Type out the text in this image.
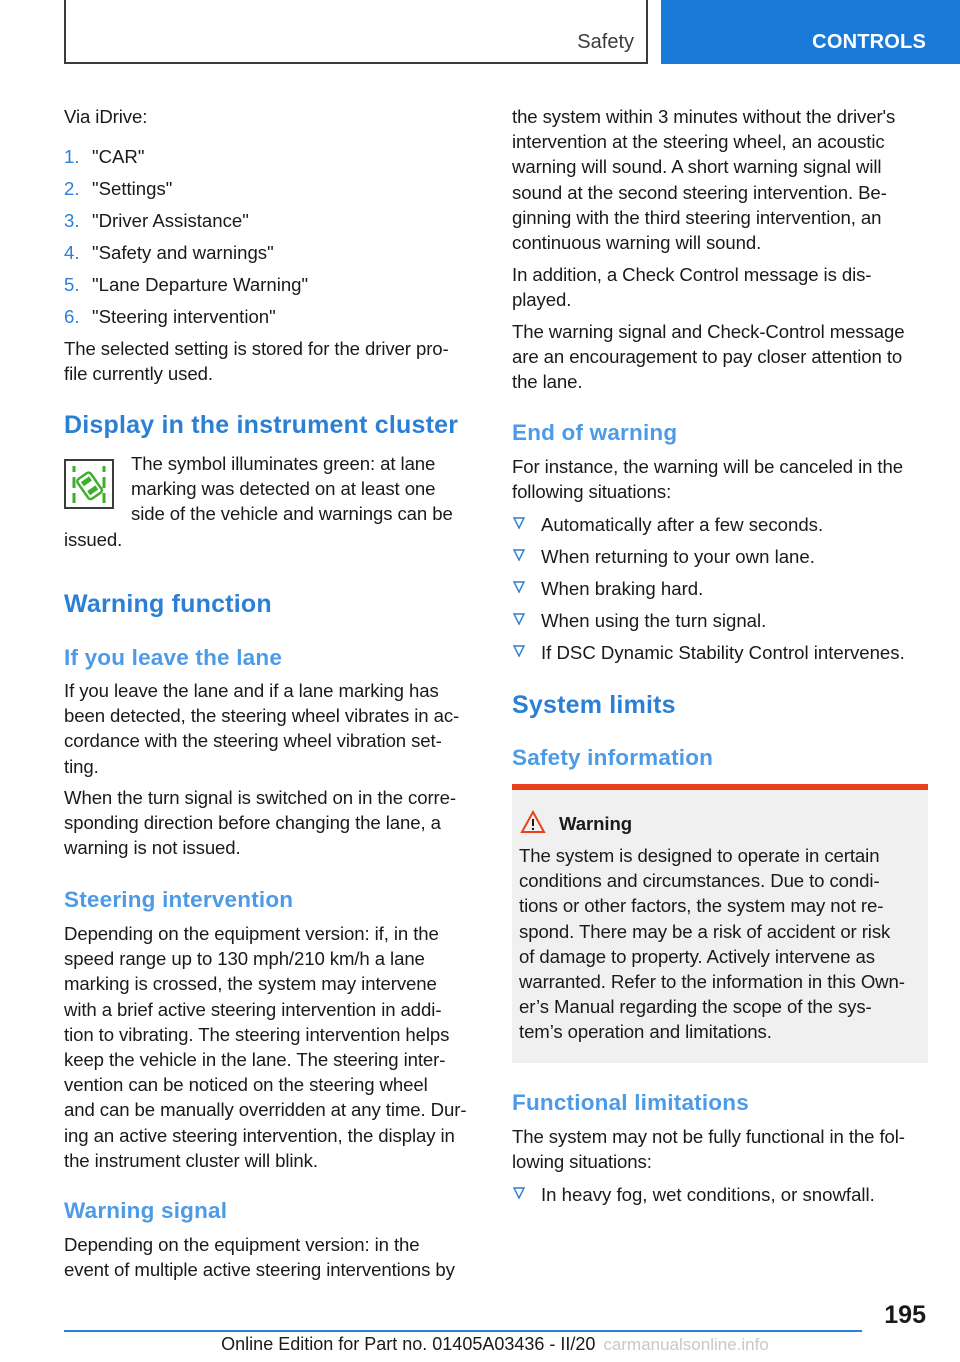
Safety	CONTROLS

Via iDrive:

1. "CAR"
2. "Settings"
3. "Driver Assistance"
4. "Safety and warnings"
5. "Lane Departure Warning"
6. "Steering intervention"

The selected setting is stored for the driver pro-
file currently used.

Display in the instrument cluster

The symbol illuminates green: at lane
marking was detected on at least one
side of the vehicle and warnings can be

issued.

Warning function
If you leave the lane

If you leave the lane and if a lane marking has
been detected, the steering wheel vibrates in ac-
cordance with the steering wheel vibration set-
ting.

When the turn signal is switched on in the corre-
sponding direction before changing the lane, a
warning is not issued.

Steering intervention

Depending on the equipment version: if, in the
speed range up to 130 mph/210 km/h a lane
marking is crossed, the system may intervene
with a brief active steering intervention in addi-
tion to vibrating. The steering intervention helps
keep the vehicle in the lane. The steering inter-
vention can be noticed on the steering wheel
and can be manually overridden at any time. Dur-
ing an active steering intervention, the display in
the instrument cluster will blink.

Warning signal

Depending on the equipment version: in the
event of multiple active steering interventions by

the system within 3 minutes without the driver's
intervention at the steering wheel, an acoustic
warning will sound. A short warning signal will
sound at the second steering intervention. Be-
ginning with the third steering intervention, an
continuous warning will sound.

In addition, a Check Control message is dis-
played.

The warning signal and Check-Control message
are an encouragement to pay closer attention to
the lane.

End of warning

For instance, the warning will be canceled in the
following situations:

Automatically after a few seconds.
When returning to your own lane.
When braking hard.
When using the turn signal.
If DSC Dynamic Stability Control intervenes.
System limits
Safety information

Warning

The system is designed to operate in certain
conditions and circumstances. Due to condi-
tions or other factors, the system may not re-
spond. There may be a risk of accident or risk
of damage to property. Actively intervene as
warranted. Refer to the information in this Own-
er’s Manual regarding the scope of the sys-
tem’s operation and limitations.

Functional limitations

The system may not be fully functional in the fol-
lowing situations:

In heavy fog, wet conditions, or snowfall.
195
Online Edition for Part no. 01405A03436 - II/20 carmanualsonline.info
